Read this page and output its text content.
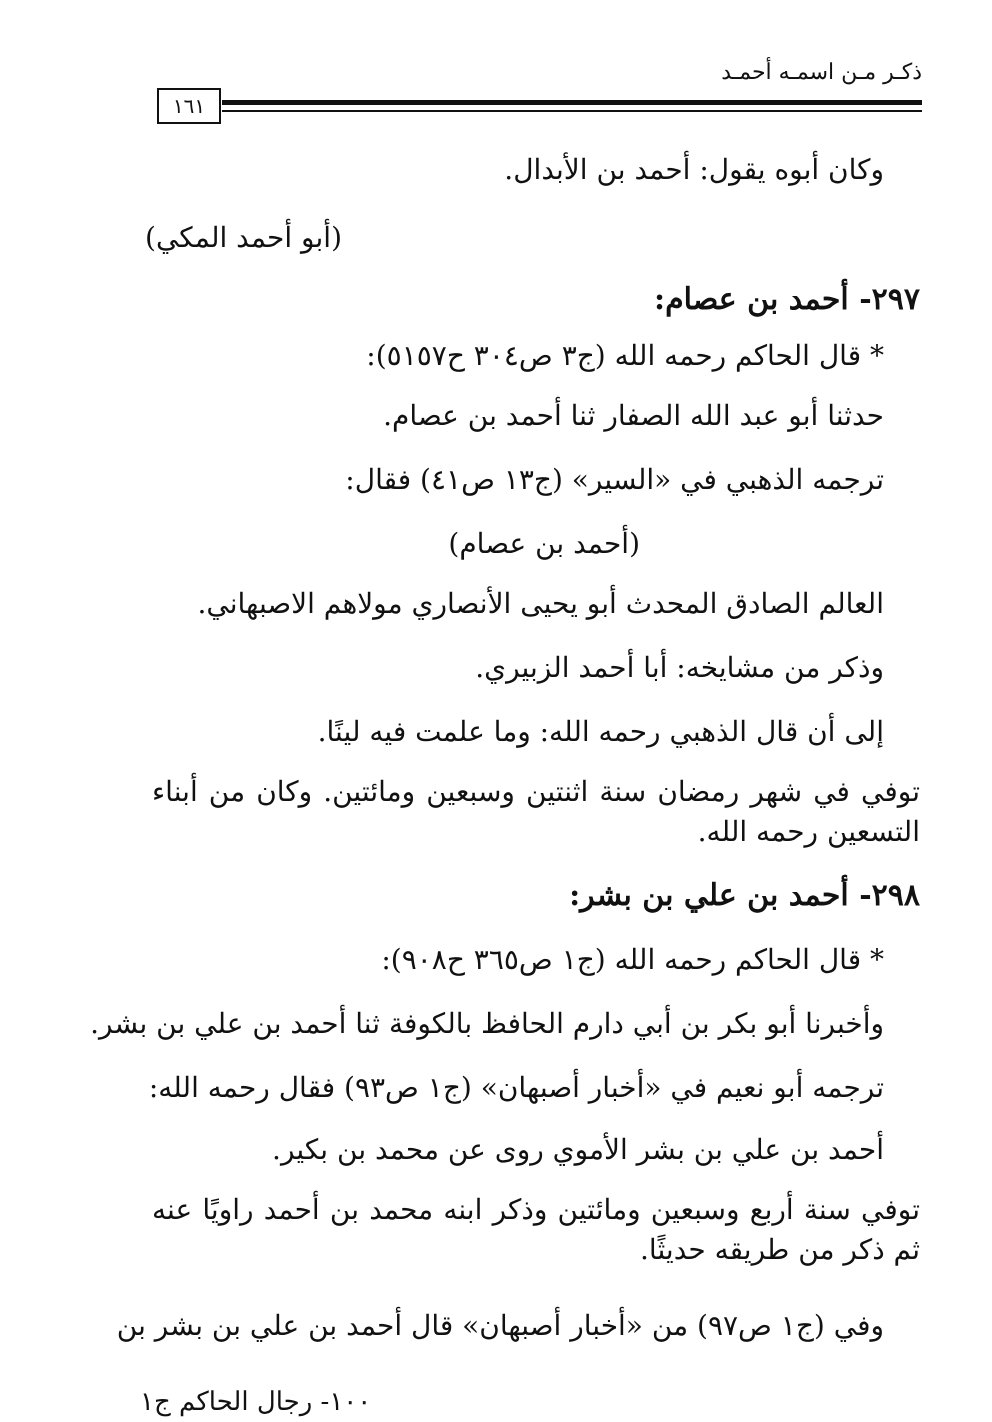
ذكـر مـن اسمـه أحمـد
١٦١
وكان أبوه يقول: أحمد بن الأبدال.
(أبو أحمد المكي)
٢٩٧- أحمد بن عصام:
* قال الحاكم رحمه الله (ج٣ ص٣٠٤ ح٥١٥٧):
حدثنا أبو عبد الله الصفار ثنا أحمد بن عصام.
ترجمه الذهبي في «السير» (ج١٣ ص٤١) فقال:
(أحمد بن عصام)
العالم الصادق المحدث أبو يحيى الأنصاري مولاهم الاصبهاني.
وذكر من مشايخه: أبا أحمد الزبيري.
إلى أن قال الذهبي رحمه الله: وما علمت فيه لينًا.
توفي في شهر رمضان سنة اثنتين وسبعين ومائتين. وكان من أبناء التسعين رحمه الله.
٢٩٨- أحمد بن علي بن بشر:
* قال الحاكم رحمه الله (ج١ ص٣٦٥ ح٩٠٨):
وأخبرنا أبو بكر بن أبي دارم الحافظ بالكوفة ثنا أحمد بن علي بن بشر.
ترجمه أبو نعيم في «أخبار أصبهان» (ج١ ص٩٣) فقال رحمه الله:
أحمد بن علي بن بشر الأموي روى عن محمد بن بكير.
توفي سنة أربع وسبعين ومائتين وذكر ابنه محمد بن أحمد راويًا عنه ثم ذكر من طريقه حديثًا.
وفي (ج١ ص٩٧) من «أخبار أصبهان» قال أحمد بن علي بن بشر بن
١٠٠- رجال الحاكم ج١
